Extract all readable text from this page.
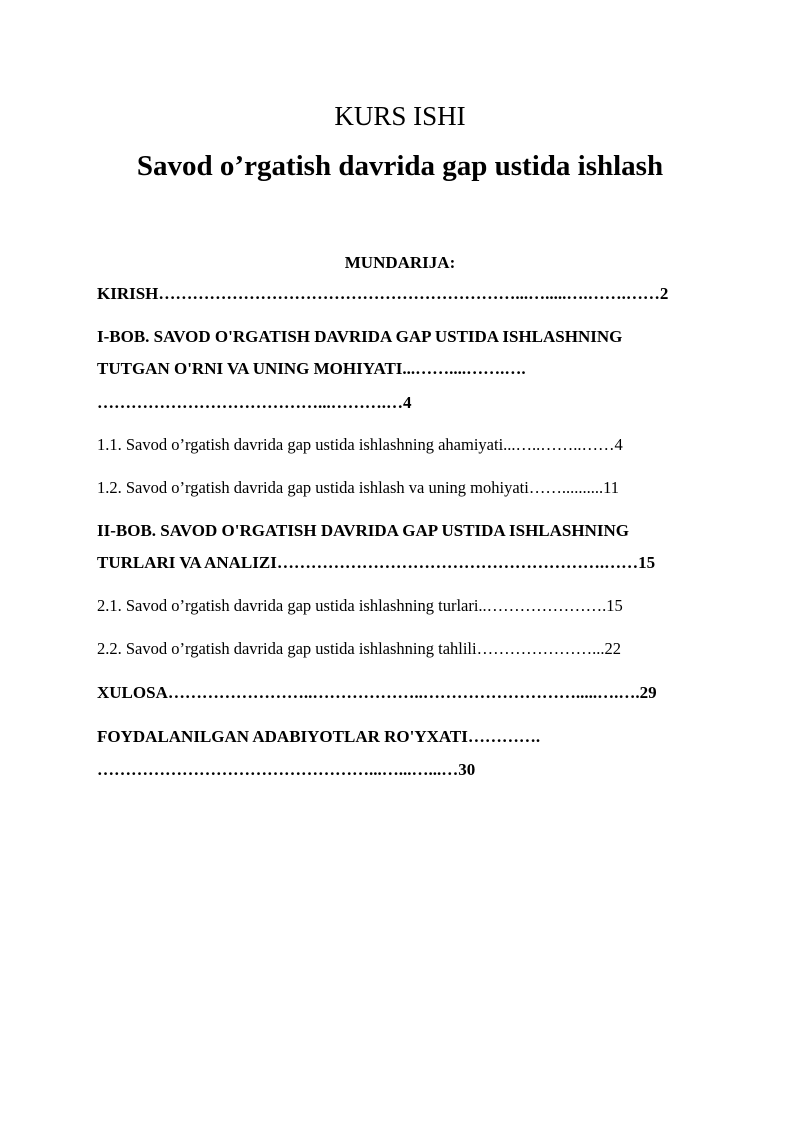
KURS ISHI
Savod o’rgatish davrida gap ustida ishlash
MUNDARIJA:
KIRISH………………………………………………………...….....….…….……2
I-BOB. SAVOD O'RGATISH DAVRIDA GAP USTIDA ISHLASHNING
TUTGAN O'RNI VA UNING MOHIYATI...……....…….….
…………………………………...……….…4
1.1. Savod o’rgatish davrida gap ustida ishlashning ahamiyati...…..……..……4
1.2. Savod o’rgatish davrida gap ustida ishlash va uning mohiyati……..........11
II-BOB. SAVOD O'RGATISH DAVRIDA GAP USTIDA ISHLASHNING
TURLARI VA ANALIZI………………………………………………….……15
2.1. Savod o’rgatish davrida gap ustida ishlashning turlari..………………….15
2.2. Savod o’rgatish davrida gap ustida ishlashning tahlili…………………...22
XULOSA……………………..………………..……………………….....….….29
FOYDALANILGAN ADABIYOTLAR RO'YXATI………….
…………………………………………...…...…...…30
